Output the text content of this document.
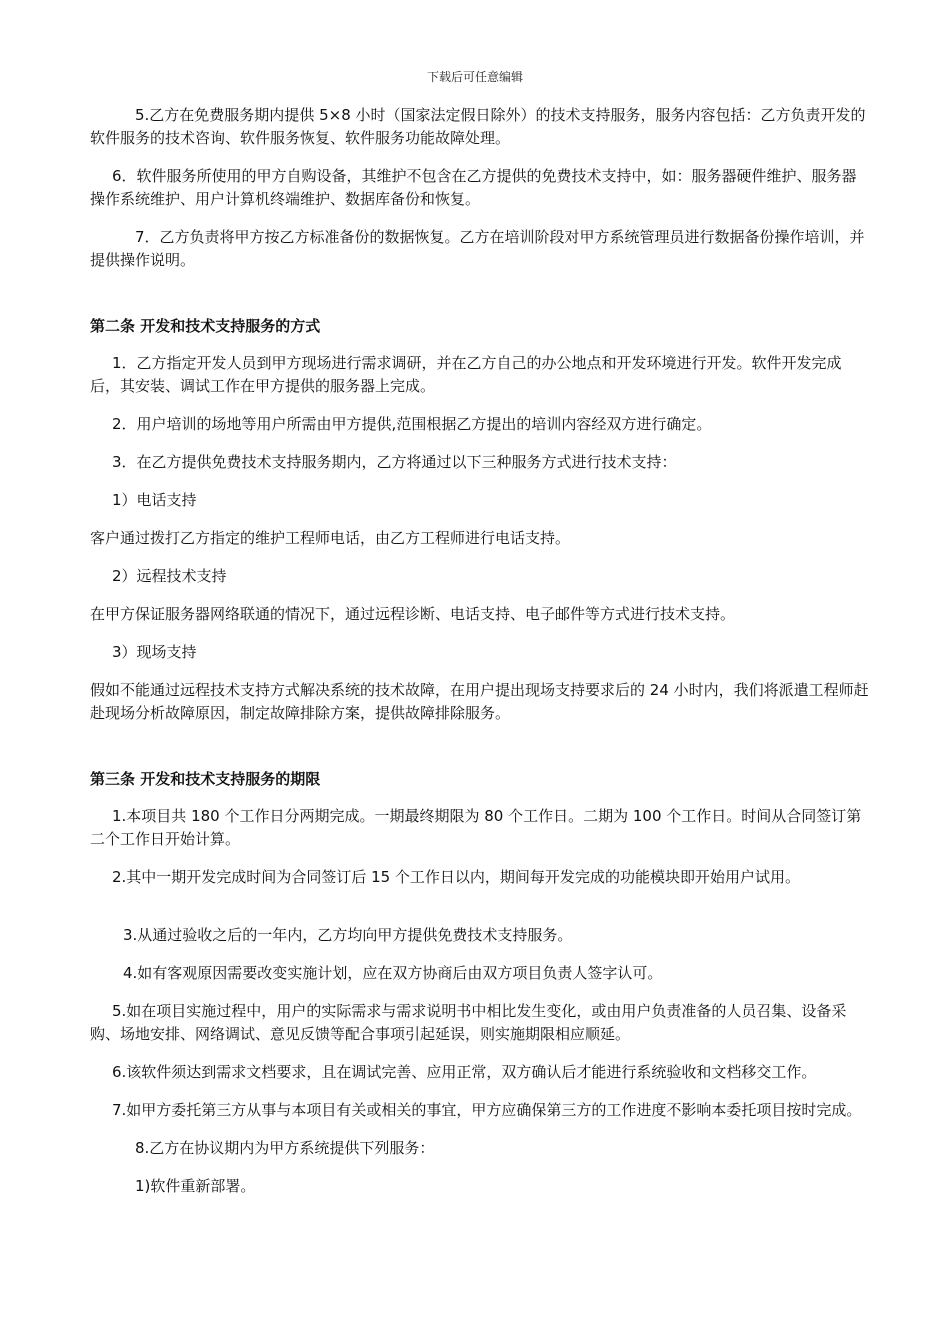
下载后可任意编辑

5.乙方在免费服务期内提供 5×8 小时（国家法定假日除外）的技术支持服务，服务内容包括：乙方负责开发的软件服务的技术咨询、软件服务恢复、软件服务功能故障处理。

6．软件服务所使用的甲方自购设备，其维护不包含在乙方提供的免费技术支持中，如：服务器硬件维护、服务器操作系统维护、用户计算机终端维护、数据库备份和恢复。

7．乙方负责将甲方按乙方标准备份的数据恢复。乙方在培训阶段对甲方系统管理员进行数据备份操作培训，并提供操作说明。

第二条 开发和技术支持服务的方式

1．乙方指定开发人员到甲方现场进行需求调研，并在乙方自己的办公地点和开发环境进行开发。软件开发完成后，其安装、调试工作在甲方提供的服务器上完成。

2．用户培训的场地等用户所需由甲方提供,范围根据乙方提出的培训内容经双方进行确定。

3．在乙方提供免费技术支持服务期内，乙方将通过以下三种服务方式进行技术支持：

1）电话支持

客户通过拨打乙方指定的维护工程师电话，由乙方工程师进行电话支持。

2）远程技术支持

在甲方保证服务器网络联通的情况下，通过远程诊断、电话支持、电子邮件等方式进行技术支持。

3）现场支持

假如不能通过远程技术支持方式解决系统的技术故障，在用户提出现场支持要求后的 24 小时内，我们将派遣工程师赶赴现场分析故障原因，制定故障排除方案，提供故障排除服务。

第三条 开发和技术支持服务的期限

1.本项目共 180 个工作日分两期完成。一期最终期限为 80 个工作日。二期为 100 个工作日。时间从合同签订第二个工作日开始计算。

2.其中一期开发完成时间为合同签订后 15 个工作日以内，期间每开发完成的功能模块即开始用户试用。

3.从通过验收之后的一年内，乙方均向甲方提供免费技术支持服务。

4.如有客观原因需要改变实施计划，应在双方协商后由双方项目负责人签字认可。

5.如在项目实施过程中，用户的实际需求与需求说明书中相比发生变化，或由用户负责准备的人员召集、设备采购、场地安排、网络调试、意见反馈等配合事项引起延误，则实施期限相应顺延。

6.该软件须达到需求文档要求，且在调试完善、应用正常，双方确认后才能进行系统验收和文档移交工作。

7.如甲方委托第三方从事与本项目有关或相关的事宜，甲方应确保第三方的工作进度不影响本委托项目按时完成。

8.乙方在协议期内为甲方系统提供下列服务：

1)软件重新部署。
